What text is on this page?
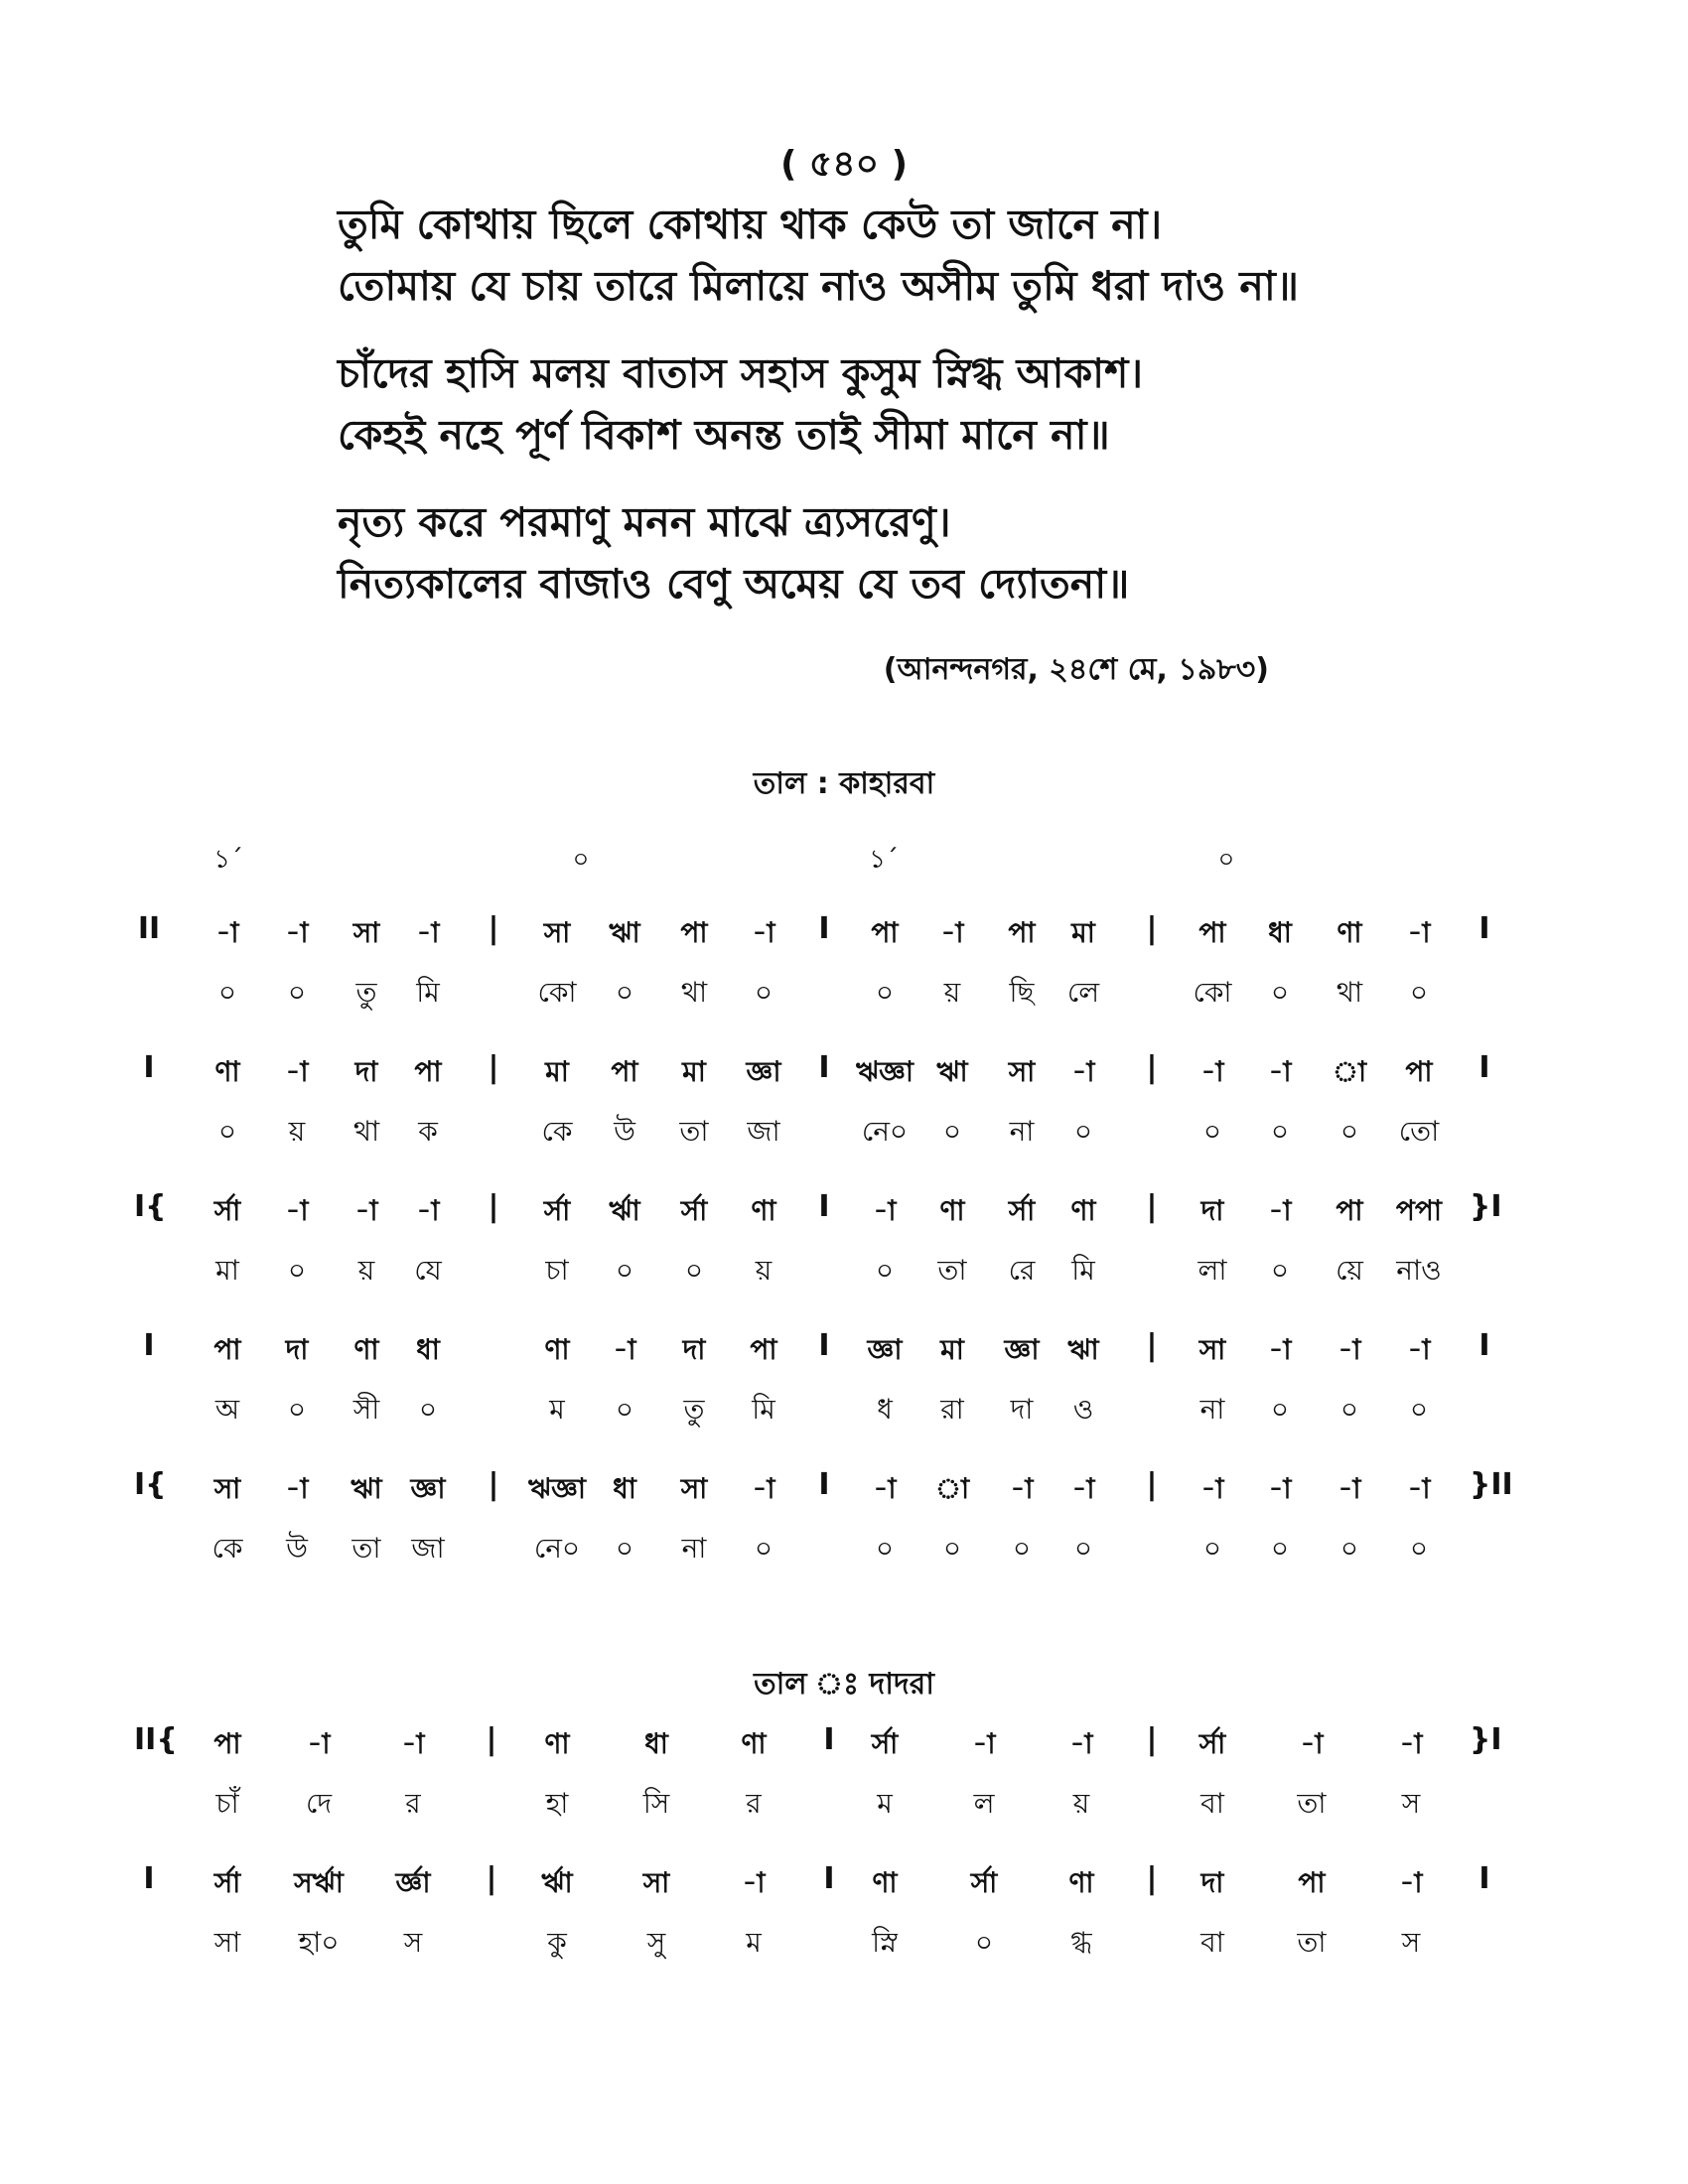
( ৫৪০ )
তুমি কোথায় ছিলে কোথায় থাক কেউ তা জানে না।
তোমায় যে চায় তারে মিলায়ে নাও অসীম তুমি ধরা দাও না॥
চাঁদের হাসি মলয় বাতাস সহাস কুসুম স্নিগ্ধ আকাশ।
কেহই নহে পূর্ণ বিকাশ অনন্ত তাই সীমা মানে না॥
নৃত্য করে পরমাণু মনন মাঝে ত্র্যসরেণু।
নিত্যকালের বাজাও বেণু অমেয় যে তব দ্যোতনা॥
(আনন্দনগর, ২৪শে মে, ১৯৮৩)
তাল : কাহারবা
১´	০	১´	০
II	-া	-া	সা	-া	|	সা	ঋা	পা	-া	I	পা	-া	পা	মা	|	পা	ধা	ণা	-া	I
০	০	তু	মি	কো	০	থা	০	০	য়	ছি	লে	কো	০	থা	০
I	ণা	-া	দা	পা	|	মা	পা	মা	জ্ঞা	I ঋজ্ঞা ঋা	সা	-া	|	-া	-া	া	পা	I
০	য়	থা	ক	কে	উ	তা	জা	নে০	০	না	০	০	০	০	তো
I{	র্সা	-া	-া	-া	|	র্সা	র্ঋা	র্সা	ণা	I	-া	ণা	র্সা	ণা	|	দা	-া	পা	পপা }I
মা	০	য়	যে	চা	০	০	য়	০	তা	রে	মি	লা	০	য়ে	নাও
I	পা	দা	ণা	ধা	ণা	-া	দা	পা	I	জ্ঞা	মা	জ্ঞা	ঋা	|	সা	-া	-া	-া	I
অ	০	সী	০	ম	০	তু	মি	ধ	রা	দা	ও	না	০	০	০
I{	সা	-া	ঋা	জ্ঞা	|	ঋজ্ঞা ধা	সা	-া	I	-া	া	-া	-া	|	-া	-া	-া	-া	}II
কে	উ	তা	জা	নে০	০	না	০	০	০	০	০	০	০	০	০
তাল ঃ দাদরা
II{	পা	-া	-া	|	ণা	ধা	ণা	I	র্সা	-া	-া	|	র্সা	-া	-া	}I
চাঁ	দে	র	হা	সি	র	ম	ল	য়	বা	তা	স
I	র্সা	সর্ঋা	র্জ্ঞা	|	র্ঋা	সা	-া	I	ণা	র্সা	ণা	|	দা	পা	-া	I
সা	হা০	স	কু	সু	ম	স্নি	০	গ্ধ	বা	তা	স
